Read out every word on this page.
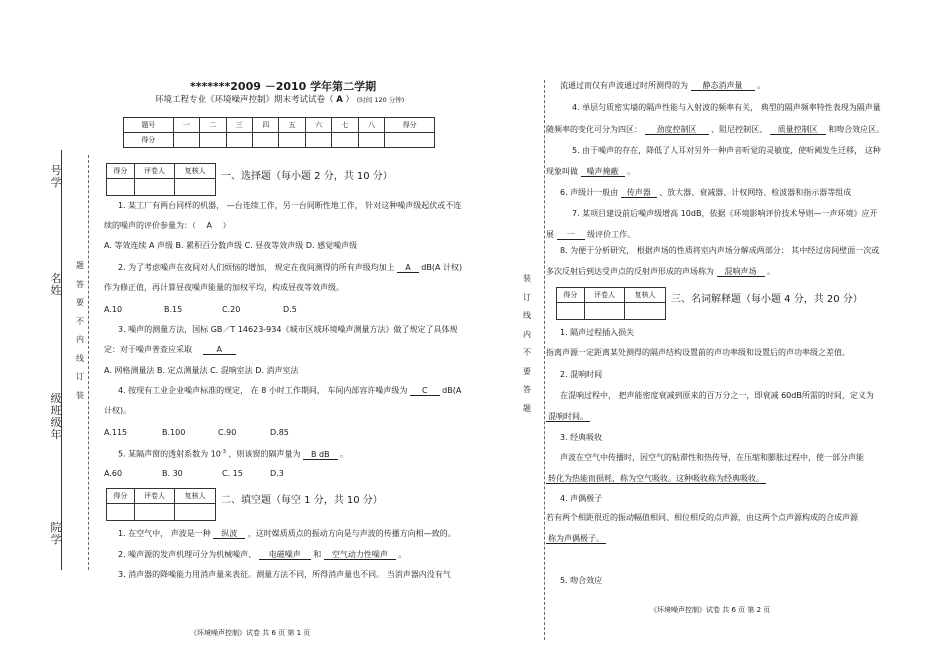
号
学
名
姓
级
班
级
年
院
学
题
答
要
不
内
线
订
装
*******2009 －2010 学年第二学期
环境工程专业《环境噪声控制》期末考试试卷（ A ） (时间 120 分钟)
题号	一	二	三	四	五	六	七	八	得分
得分									
得分	评卷人	复核人
		一、选择题（每小题 2 分，共 10 分）
1. 某工厂有两台同样的机器， —台连续工作，另一台间断性地工作， 针对这种噪声级起伏或不连
续的噪声的评价参量为：（ A ）
A. 等效连续 A 声级 B. 累积百分数声级 C. 昼夜等效声级 D. 感觉噪声级
2. 为了考虑噪声在夜间对人们烦恼的增加， 规定在夜间测得的所有声级均加上 A dB(A 计权)
作为修正值，再计算昼夜噪声能量的加权平均，构成昼夜等效声级。
A.10	B.15	C.20	D.5
3. 噪声的测量方法，国标 GB／T 14623-934《城市区域环境噪声测量方法》做了规定了具体规
定：对于噪声普查应采取	A
A. 网格测量法 B. 定点测量法 C. 混响室法 D. 消声室法
4. 按现有工业企业噪声标准的规定， 在 8 小时工作期间， 车间内部容许噪声级为 C dB(A
计权)。
A.115	B.100	C.90	D.85
5. 某隔声窗的透射系数为 $10^{-3}$ ，则该窗的隔声量为 B dB 。
A.60	B. 30	C. 15	D.3
得分	评卷人	复核人
		二、填空题（每空 1 分，共 10 分）
1. 在空气中， 声波是一种 纵波 ，这时媒质质点的振动方向是与声波的传播方向相—致的。
2. 噪声源的发声机理可分为机械噪声、 电磁噪声 和 空气动力性噪声 。
3. 消声器的降噪能力用消声量来表征。测量方法不同，所得消声量也不同。 当消声器内没有气
《环境噪声控制》试卷 共 6 页 第 1 页
装
订
线
内
不
要
答
题
流通过而仅有声波通过时所测得的为 静态消声量 。
4. 单层匀质密实墙的隔声性能与入射波的频率有关， 典型的隔声频率特性表现为隔声量
随频率的变化可分为四区： 劲度控制区 、阻尼控制区、 质量控制区 和吻合效应区。
5. 由于噪声的存在，降低了人耳对另外一种声音听觉的灵敏度，使听阈发生迁移， 这种
现象叫做 噪声掩蔽 。
6. 声级计一般由 传声器 、放大器、衰减器、计权网络、检波器和指示器等组成
7. 某项目建设前后噪声级增高 10dB，依据《环境影响评价技术导则—一声环境》应开
展 一 级评价工作。
8. 为便于分析研究， 根据声场的性质将室内声场分解成两部分： 其中经过房间壁面一次或
多次反射后到达受声点的反射声形成的声场称为 混响声场 。
得分	评卷人	复核人
		三、名词解释题（每小题 4 分，共 20 分）
1. 隔声过程插入损失
指离声源一定距离某处测得的隔声结构设置前的声功率级和设置后的声功率级之差值。
2. 混响时间
在混响过程中， 把声能密度衰减到原来的百万分之一，即衰减 60dB所需的时间，定义为
混响时间。
3. 经典吸收
声波在空气中传播时，因空气的粘滞性和热传导，在压缩和膨胀过程中，使一部分声能
转化为热能而损耗，称为空气吸收。这种吸收称为经典吸收。
4. 声偶极子
若有两个相距很近的振动幅值相同、相位相反的点声源，由这两个点声源构成的合成声源
称为声偶极子。
5. 吻合效应
《环境噪声控制》试卷 共 6 页 第 2 页
